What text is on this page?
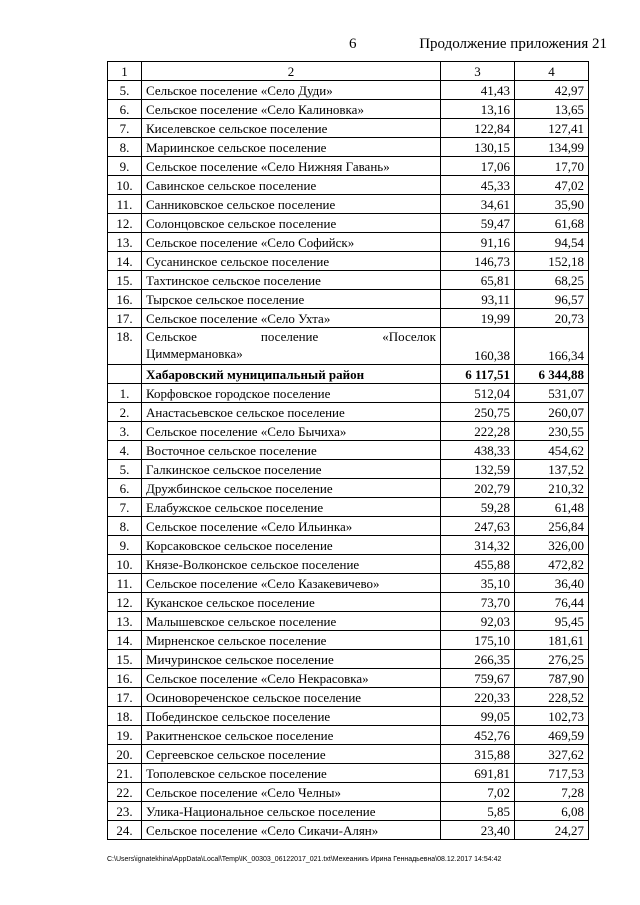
6	Продолжение приложения 21
1	2	3	4
5.	Сельское поселение «Село Дуди»	41,43	42,97
6.	Сельское поселение «Село Калиновка»	13,16	13,65
7.	Киселевское сельское поселение	122,84	127,41
8.	Мариинское сельское поселение	130,15	134,99
9.	Сельское поселение «Село Нижняя Гавань»	17,06	17,70
10.	Савинское сельское поселение	45,33	47,02
11.	Санниковское сельское поселение	34,61	35,90
12.	Солонцовское сельское поселение	59,47	61,68
13.	Сельское поселение «Село Софийск»	91,16	94,54
14.	Сусанинское сельское поселение	146,73	152,18
15.	Тахтинское сельское поселение	65,81	68,25
16.	Тырское сельское поселение	93,11	96,57
17.	Сельское поселение «Село Ухта»	19,99	20,73
18.	Сельское поселение «Поселок
Циммермановка»	160,38	166,34
	Хабаровский муниципальный район	6 117,51	6 344,88
1.	Корфовское городское поселение	512,04	531,07
2.	Анастасьевское сельское поселение	250,75	260,07
3.	Сельское поселение «Село Бычиха»	222,28	230,55
4.	Восточное сельское поселение	438,33	454,62
5.	Галкинское сельское поселение	132,59	137,52
6.	Дружбинское сельское поселение	202,79	210,32
7.	Елабужское сельское поселение	59,28	61,48
8.	Сельское поселение «Село Ильинка»	247,63	256,84
9.	Корсаковское сельское поселение	314,32	326,00
10.	Князе-Волконское сельское поселение	455,88	472,82
11.	Сельское поселение «Село Казакевичево»	35,10	36,40
12.	Куканское сельское поселение	73,70	76,44
13.	Малышевское сельское поселение	92,03	95,45
14.	Мирненское сельское поселение	175,10	181,61
15.	Мичуринское сельское поселение	266,35	276,25
16.	Сельское поселение «Село Некрасовка»	759,67	787,90
17.	Осиновореченское сельское поселение	220,33	228,52
18.	Побединское сельское поселение	99,05	102,73
19.	Ракитненское сельское поселение	452,76	469,59
20.	Сергеевское сельское поселение	315,88	327,62
21.	Тополевское сельское поселение	691,81	717,53
22.	Сельское поселение «Село Челны»	7,02	7,28
23.	Улика-Национальное сельское поселение	5,85	6,08
24.	Сельское поселение «Село Сикачи-Алян»	23,40	24,27
C:\Users\ignatekhina\AppData\Local\Temp\IK_00303_06122017_021.txt\Мехеаникъ Ирина Геннадьевна\08.12.2017 14:54:42
